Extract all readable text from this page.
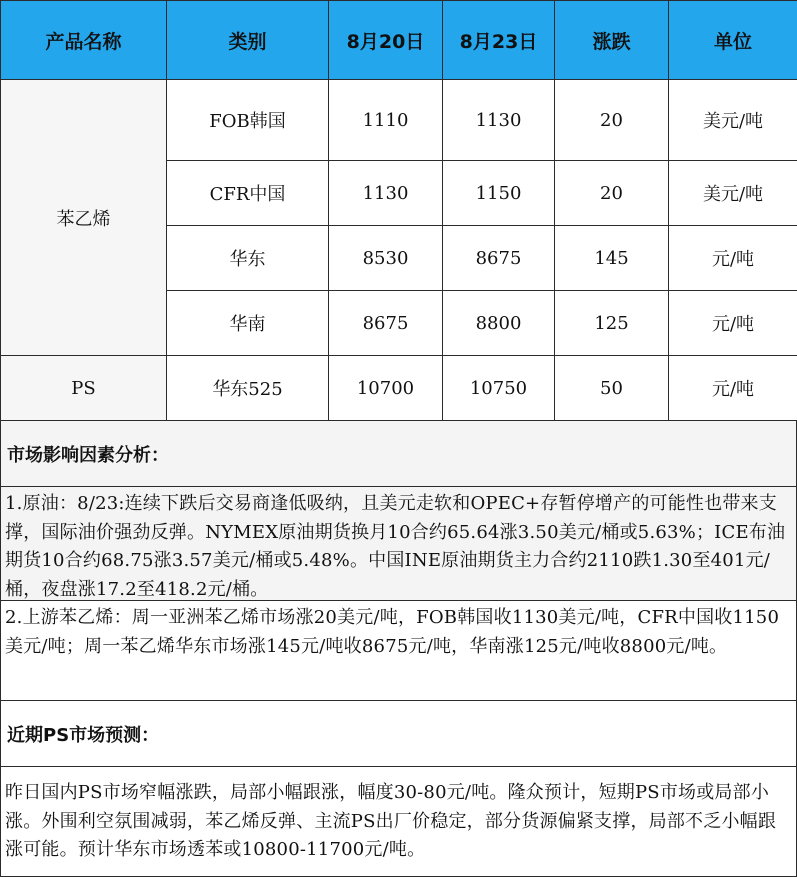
产品名称	类别	8月20日	8月23日	涨跌	单位
苯乙烯	FOB韩国	1110	1130	20	美元/吨
	CFR中国	1130	1150	20	美元/吨
	华东	8530	8675	145	元/吨
	华南	8675	8800	125	元/吨
PS	华东525	10700	10750	50	元/吨
市场影响因素分析：
1.原油：8/23:连续下跌后交易商逢低吸纳，且美元走软和OPEC+存暂停增产的可能性也带来支撑，国际油价强劲反弹。NYMEX原油期货换月10合约65.64涨3.50美元/桶或5.63%；ICE布油期货10合约68.75涨3.57美元/桶或5.48%。中国INE原油期货主力合约2110跌1.30至401元/桶，夜盘涨17.2至418.2元/桶。
2.上游苯乙烯：周一亚洲苯乙烯市场涨20美元/吨，FOB韩国收1130美元/吨，CFR中国收1150美元/吨；周一苯乙烯华东市场涨145元/吨收8675元/吨，华南涨125元/吨收8800元/吨。
近期PS市场预测：
昨日国内PS市场窄幅涨跌，局部小幅跟涨，幅度30-80元/吨。隆众预计，短期PS市场或局部小涨。外围利空氛围减弱，苯乙烯反弹、主流PS出厂价稳定，部分货源偏紧支撑，局部不乏小幅跟涨可能。预计华东市场透苯或10800-11700元/吨。
